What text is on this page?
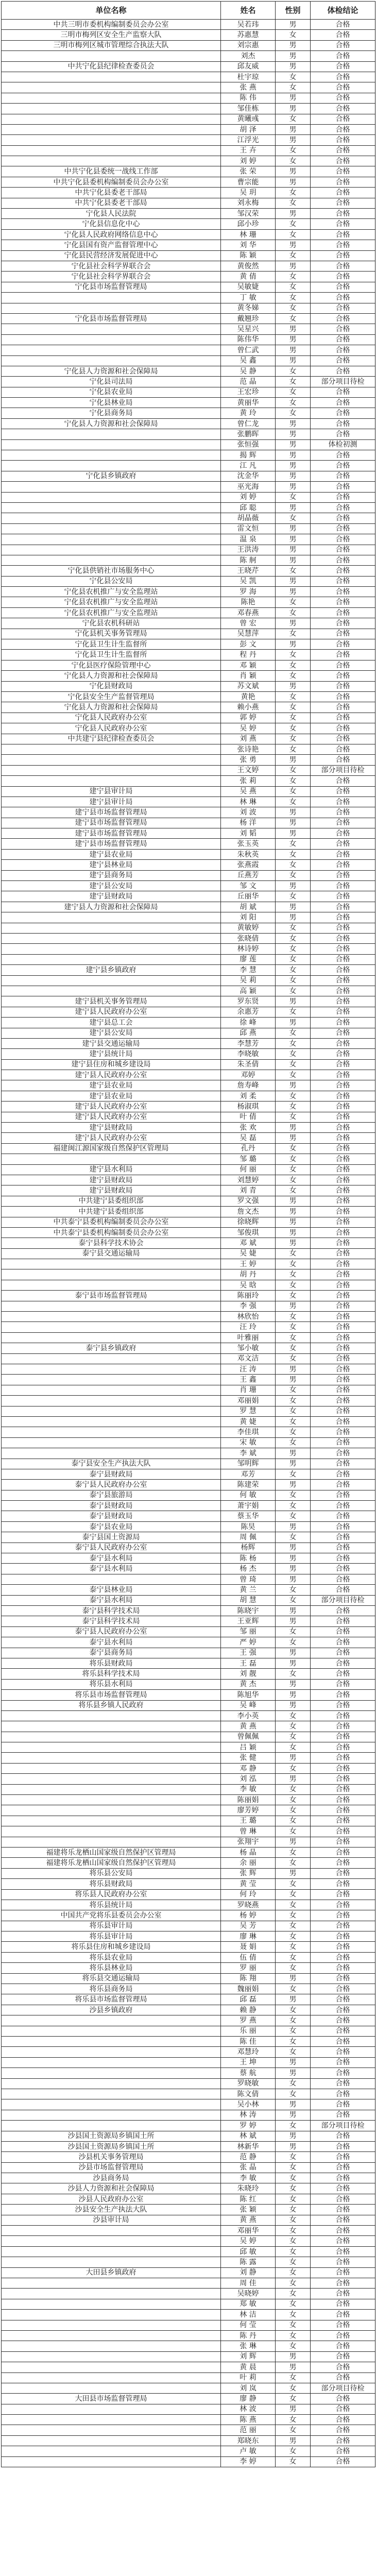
单位名称	姓名	性别	体检结论
中共三明市委机构编制委员会办公室	吴若玮	男	合格
三明市梅列区安全生产监察大队	苏惠慧	女	合格
三明市梅列区城市管理综合执法大队	刘宗惠	男	合格
	刘杰	男	合格
中共宁化县纪律检查委员会	邱友威	男	合格
	杜宇琼	女	合格
	张 燕	女	合格
	陈 伟	男	合格
	邹佳栋	男	合格
	黄曦彧	女	合格
	胡 泽	男	合格
	江浮光	男	合格
	王 卉	女	合格
	刘 婷	女	合格
中共宁化县委统一战线工作部	张 荣	男	合格
中共宁化县委机构编制委员会办公室	曹宗能	男	合格
中共宁化县委老干部局	吴 玥	女	合格
中共宁化县委老干部局	刘永梅	女	合格
宁化县人民法院	邹汉荣	男	合格
宁化县信息化中心	邱小珍	女	合格
宁化县人民政府网络信息中心	林 珊	女	合格
宁化县国有资产监督管理中心	刘 华	男	合格
宁化县民营经济发展促进中心	陈 颖	女	合格
宁化县社会科学界联合会	黄俊然	男	合格
宁化县社会科学界联合会	黄 倩	女	合格
宁化县市场监督管理局	吴敏婕	女	合格
	丁 敏	女	合格
	黄冬娣	女	合格
宁化县市场监督管理局	戴翘珍	女	合格
	吴星兴	男	合格
	陈伟华	男	合格
	曾仁武	男	合格
	吴 鑫	男	合格
宁化县人力资源和社会保障局	吴 静	女	合格
宁化县司法局	范 晶	女	部分项目待检
宁化县农业局	王宏珍	女	合格
宁化县林业局	黄丽华	女	合格
宁化县商务局	黄 玲	女	合格
宁化县人力资源和社会保障局	曾仁龙	男	合格
	张鹏晖	男	合格
	张恒强	男	体检初测
	揭 辉	男	合格
	江 凡	男	合格
宁化县乡镇政府	沈金华	男	合格
	巫光海	男	合格
	刘 婷	女	合格
	邱 聪	男	合格
	胡晶薇	女	合格
	雷文恒	男	合格
	温 泉	男	合格
	王洪涛	男	合格
	陈 舸	男	合格
宁化县供销社市场服务中心	王晓芹	女	合格
宁化县公安局	吴 凯	男	合格
宁化县农机推广与安全监理站	罗 海	男	合格
宁化县农机推广与安全监理站	陈艳	女	合格
宁化县农机推广与安全监理站	邓春燕	女	合格
宁化县农机科研站	曾 宏	男	合格
宁化县机关事务管理局	吴慧萍	女	合格
宁化县卫生计生监督所	彭 文	男	合格
宁化县卫生计生监督所	程 丹	女	合格
宁化县医疗保险管理中心	邓 颖	女	合格
宁化县人力资源和社会保障局	肖 颖	女	合格
宁化县财政局	苏文斌	男	合格
宁化县安全生产监督管理局	黄艳	女	合格
宁化县人力资源和社会保障局	赖小燕	女	合格
宁化县人民政府办公室	郭 婷	女	合格
宁化县人民政府办公室	吴 婷	女	合格
中共建宁县纪律检查委员会	刘 燕	女	合格
	张诗艳	女	合格
	张 勇	男	合格
	王文婷	女	部分项目待检
	张 莉	女	合格
建宁县审计局	吴 燕	女	合格
建宁县审计局	林 琳	女	合格
建宁县市场监督管理局	刘 波	男	合格
建宁县市场监督管理局	杨 洋	男	合格
建宁县市场监督管理局	刘 韬	男	合格
建宁县市场监督管理局	张玉英	女	合格
建宁县农业局	朱秋英	女	合格
建宁县林业局	张燕霞	女	合格
建宁县商务局	丘燕芳	女	合格
建宁县公安局	邹 文	男	合格
建宁县财政局	丘丽华	女	合格
建宁县人力资源和社会保障局	胡 斌	男	合格
	刘 阳	男	合格
	黄敏婷	女	合格
	张晓倩	女	合格
	林诗婷	女	合格
	廖 莲	女	合格
建宁县乡镇政府	李 慧	女	合格
	吴 莉	女	合格
	高 颖	女	合格
建宁县机关事务管理局	罗东贤	男	合格
建宁县人民政府办公室	余惠芳	女	合格
建宁县总工会	徐 峰	男	合格
建宁县公安局	邱 燕	女	合格
建宁县交通运输局	李慧芳	女	合格
建宁县统计局	李晓敏	女	合格
建宁县住房和城乡建设局	朱圣倩	女	合格
建宁县人民政府办公室	邓婷	女	合格
建宁县农业局	詹寿峰	男	合格
建宁县农业局	刘 柔	女	合格
建宁县人民政府办公室	杨淑琪	女	合格
建宁县人民政府办公室	叶 倩	女	合格
建宁县财政局	张 欢	男	合格
建宁县人民政府办公室	吴 磊	男	合格
福建闽江源国家级自然保护区管理局	孔丹	女	合格
	邹 璐	女	合格
建宁县水利局	何 丽	女	合格
建宁县财政局	刘慧婷	女	合格
建宁县财政局	刘 青	女	合格
中共建宁县委组织部	罗文强	男	合格
中共建宁县委组织部	詹文杰	男	合格
中共泰宁县委机构编制委员会办公室	徐晓辉	男	合格
中共泰宁县委机构编制委员会办公室	邹俊琪	男	合格
泰宁县科学技术协会	邓 斌	男	合格
泰宁县交通运输局	吴 婕	女	合格
	王 婷	女	合格
	胡 丹	女	合格
	吴 晗	女	合格
泰宁县市场监督管理局	陈丽玲	女	合格
	李 强	男	合格
	林欣怡	女	合格
	汪 玲	女	合格
	叶雅丽	女	合格
泰宁县乡镇政府	邹小敏	女	合格
	邓文洁	女	合格
	汪 涛	男	合格
	王 鑫	男	合格
	肖 珊	女	合格
	邓丽娟	女	合格
	罗 慧	女	合格
	黄 婕	女	合格
	李佳琪	女	合格
	宋 敏	女	合格
	李 斌	男	合格
泰宁县安全生产执法大队	邹明辉	男	合格
泰宁县财政局	邓芳	女	合格
泰宁县人民政府办公室	陈建荣	男	合格
泰宁县旅游局	何 敏	女	合格
泰宁县财政局	萧宇娟	女	合格
泰宁县财政局	蔡玉华	女	合格
泰宁县农业局	陈昊	男	合格
泰宁县国土资源局	周 佩	女	合格
泰宁县人民政府办公室	杨辉	男	合格
泰宁县水利局	陈 杨	男	合格
泰宁县水利局	杨 杰	男	合格
	曾 琦	男	合格
泰宁县林业局	黄 兰	女	合格
泰宁县水利局	胡 慧	女	部分项目待检
泰宁县科学技术局	陈晓宇	男	合格
泰宁县科学技术局	王亚辉	男	合格
泰宁县人民政府办公室	邹 丽	女	合格
泰宁县水利局	严 婷	女	合格
泰宁县商务局	王 强	男	合格
将乐县财政局	王 磊	男	合格
将乐县科学技术局	刘 靓	女	合格
将乐县水利局	黄 杰	男	合格
将乐县市场监督管理局	陈旭华	男	合格
将乐县乡镇人民政府	吴 峰	男	合格
	李小英	女	合格
	黄 燕	女	合格
	曾佩佩	女	合格
	吕 颖	女	合格
	张 健	男	合格
	邓 静	女	合格
	刘 泓	男	合格
	李 敏	女	合格
	陈丽娟	女	合格
	廖芳婷	女	合格
	王 璐	女	合格
	曾 琳	女	合格
	张翔宇	男	合格
福建将乐龙栖山国家级自然保护区管理局	杨 晶	女	合格
福建将乐龙栖山国家级自然保护区管理局	余 丽	女	合格
将乐县公安局	张 辉	男	合格
将乐县财政局	黄 莹	女	合格
将乐县人民政府办公室	何 玲	女	合格
将乐县统计局	罗晓燕	女	合格
中国共产党将乐县委员会办公室	杨 婷	女	合格
将乐县审计局	吴 芳	女	合格
将乐县审计局	廖 琳	女	合格
将乐县住房和城乡建设局	聂 娟	女	合格
将乐县农业局	伍 倩	女	合格
将乐县林业局	罗 丽	女	合格
将乐县交通运输局	陈 翔	男	合格
将乐县商务局	魏丽娟	女	合格
将乐县市场监督管理局	邱 磊	男	合格
沙县乡镇政府	赖 静	女	合格
	罗 燕	女	合格
	乐 丽	女	合格
	陈 佳	女	合格
	邓慧玲	女	合格
	王 坤	男	合格
	蔡 航	男	合格
	罗晓敏	女	合格
	陈文倩	女	合格
	吴小林	男	合格
	林 涛	男	合格
	罗 婷	女	部分项目待检
沙县国土资源局乡镇国土所	林 斌	男	合格
沙县国土资源局乡镇国土所	林新华	男	合格
沙县机关事务管理局	范 静	女	合格
沙县市场监督管理局	张 晶	女	合格
沙县商务局	李 敏	女	合格
沙县人力资源和社会保障局	朱晓玲	女	合格
沙县人民政府办公室	陈 红	女	合格
沙县安全生产执法大队	张 颖	女	合格
沙县审计局	黄 燕	女	合格
	邓丽华	女	合格
	吴 婷	女	合格
	邱 敏	女	合格
	陈 露	女	合格
大田县乡镇政府	刘 静	女	合格
	周 佳	女	合格
	吴晓婷	女	合格
	郑 敏	女	合格
	林 洁	女	合格
	何 莹	女	合格
	陈 丹	女	合格
	张 琳	女	合格
	刘 辉	男	合格
	黄 晨	男	合格
	叶 莉	女	合格
	刘 岚	女	部分项目待检
大田县市场监督管理局	廖 静	女	合格
	林 波	男	合格
	陈 燕	女	合格
	范 丽	女	合格
	郑晓东	男	合格
	卢 敏	女	合格
	李 婷	女	合格
